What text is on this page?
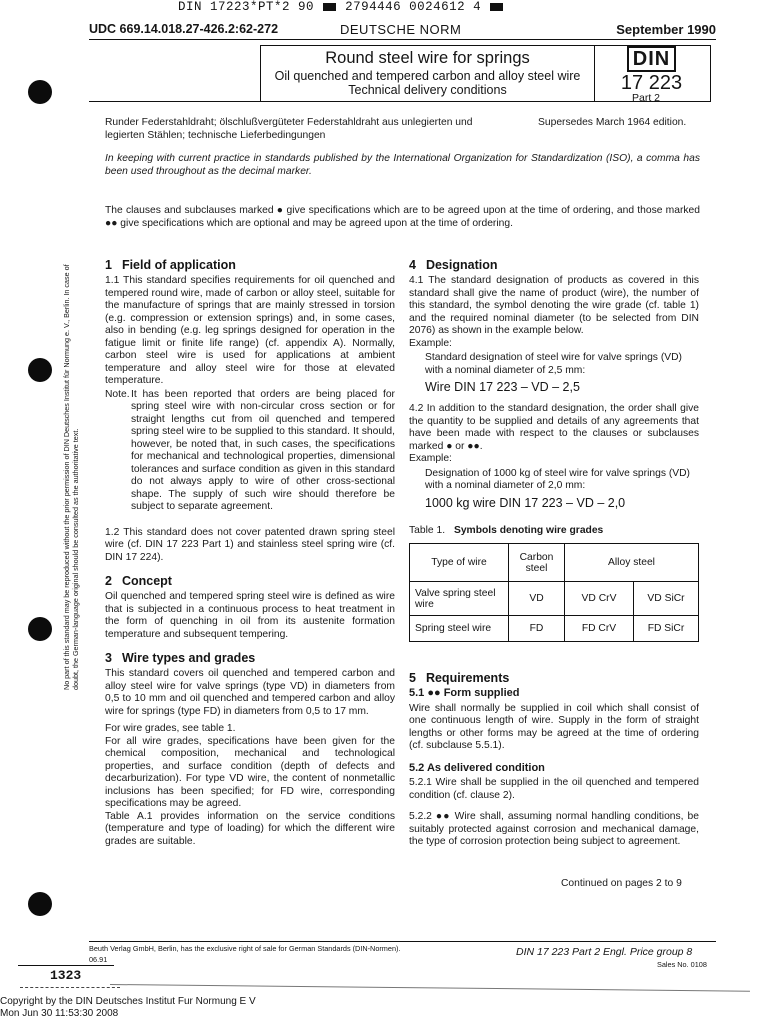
DIN 17223*PT*2 90 2794446 0024612 4
UDC 669.14.018.27-426.2:62-272	DEUTSCHE NORM	September 1990
Round steel wire for springs
Oil quenched and tempered carbon and alloy steel wire
Technical delivery conditions
DIN
17 223
Part 2
Runder Federstahldraht; ölschlußvergüteter Federstahldraht aus unlegierten und legierten Stählen; technische Lieferbedingungen
Supersedes March 1964 edition.
In keeping with current practice in standards published by the International Organization for Standardization (ISO), a comma has been used throughout as the decimal marker.
The clauses and subclauses marked ● give specifications which are to be agreed upon at the time of ordering, and those marked ●● give specifications which are optional and may be agreed upon at the time of ordering.
No part of this standard may be reproduced without the prior permission of DIN Deutsches Institut für Normung e. V., Berlin. In case of doubt, the German-language original should be consulted as the authoritative text.
1 Field of application
1.1 This standard specifies requirements for oil quenched and tempered round wire, made of carbon or alloy steel, suitable for the manufacture of springs that are mainly stressed in torsion (e.g. compression or extension springs) and, in some cases, also in bending (e.g. leg springs designed for operation in the fatigue limit or finite life range) (cf. appendix A). Normally, carbon steel wire is used for applications at ambient temperature and alloy steel wire for those at elevated temperature.
Note. It has been reported that orders are being placed for spring steel wire with non-circular cross section or for straight lengths cut from oil quenched and tempered spring steel wire to be supplied to this standard. It should, however, be noted that, in such cases, the specifications for mechanical and technological properties, dimensional tolerances and surface condition as given in this standard do not always apply to wire of other cross-sectional shape. The supply of such wire should therefore be subject to separate agreement.
1.2 This standard does not cover patented drawn spring steel wire (cf. DIN 17 223 Part 1) and stainless steel spring wire (cf. DIN 17 224).
2 Concept
Oil quenched and tempered spring steel wire is defined as wire that is subjected in a continuous process to heat treatment in the form of quenching in oil from its austenite formation temperature and subsequent tempering.
3 Wire types and grades
This standard covers oil quenched and tempered carbon and alloy steel wire for valve springs (type VD) in diameters from 0,5 to 10 mm and oil quenched and tempered carbon and alloy wire for springs (type FD) in diameters from 0,5 to 17 mm.
For wire grades, see table 1.
For all wire grades, specifications have been given for the chemical composition, mechanical and technological properties, and surface condition (depth of defects and decarburization). For type VD wire, the content of nonmetallic inclusions has been specified; for FD wire, corresponding specifications may be agreed.
Table A.1 provides information on the service conditions (temperature and type of loading) for which the different wire grades are suitable.
4 Designation
4.1 The standard designation of products as covered in this standard shall give the name of product (wire), the number of this standard, the symbol denoting the wire grade (cf. table 1) and the required nominal diameter (to be selected from DIN 2076) as shown in the example below.
Example:
Standard designation of steel wire for valve springs (VD) with a nominal diameter of 2,5 mm:
Wire DIN 17 223 – VD – 2,5
4.2 In addition to the standard designation, the order shall give the quantity to be supplied and details of any agreements that have been made with respect to the clauses or subclauses marked ● or ●●.
Example:
Designation of 1000 kg of steel wire for valve springs (VD) with a nominal diameter of 2,0 mm:
1000 kg wire DIN 17 223 – VD – 2,0
Table 1. Symbols denoting wire grades
Type of wire	Carbon steel	Alloy steel	
Valve spring steel wire	VD	VD CrV	VD SiCr
Spring steel wire	FD	FD CrV	FD SiCr
5 Requirements
5.1 ●● Form supplied
Wire shall normally be supplied in coil which shall consist of one continuous length of wire. Supply in the form of straight lengths or other forms may be agreed at the time of ordering (cf. subclause 5.5.1).
5.2 As delivered condition
5.2.1 Wire shall be supplied in the oil quenched and tempered condition (cf. clause 2).
5.2.2 ●● Wire shall, assuming normal handling conditions, be suitably protected against corrosion and mechanical damage, the type of corrosion protection being subject to agreement.
Continued on pages 2 to 9
Beuth Verlag GmbH, Berlin, has the exclusive right of sale for German Standards (DIN-Normen).
06.91
DIN 17 223 Part 2 Engl. Price group 8
Sales No. 0108
1323
Copyright by the DIN Deutsches Institut Fur Normung E V
Mon Jun 30 11:53:30 2008
